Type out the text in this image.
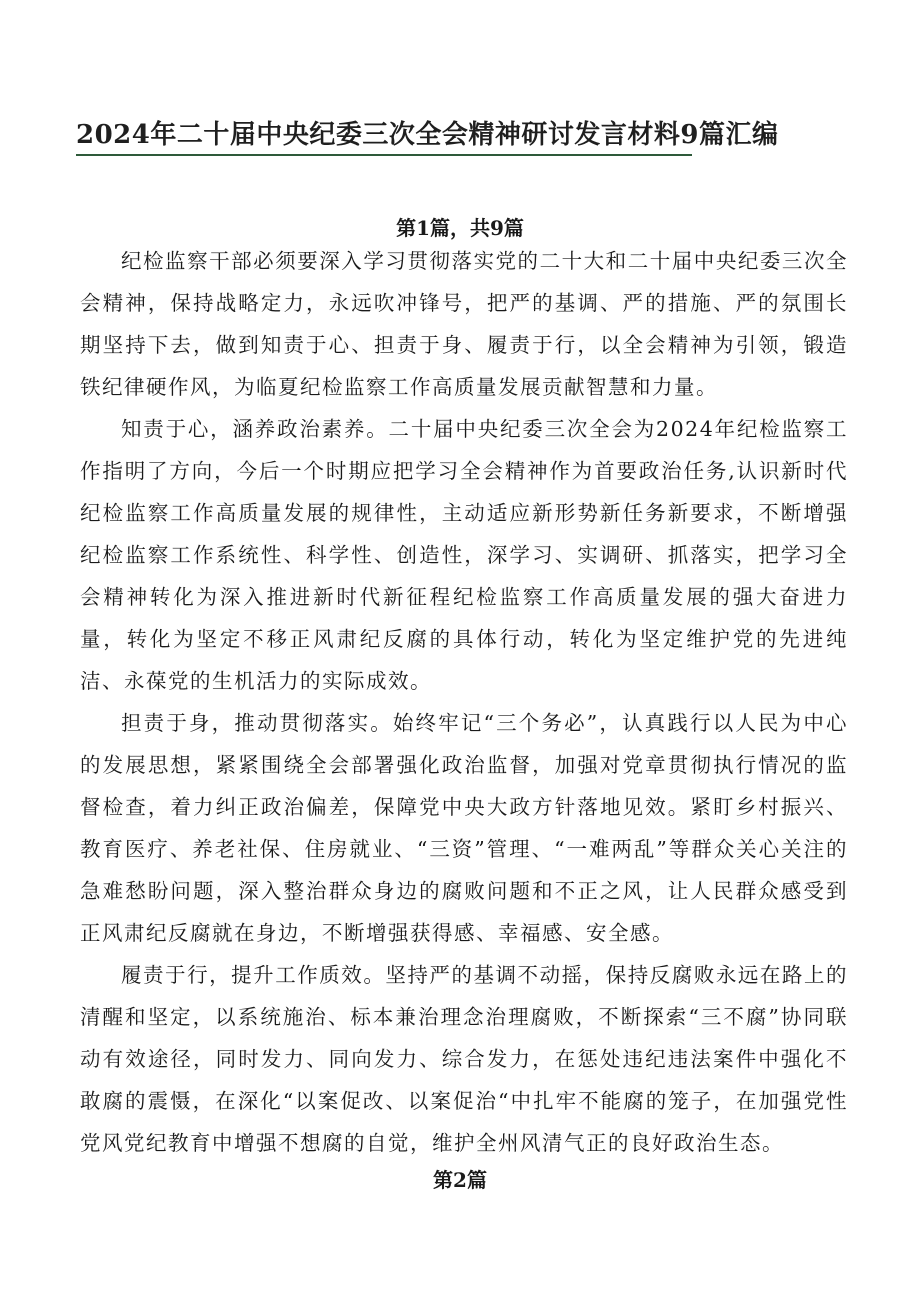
2024年二十届中央纪委三次全会精神研讨发言材料9篇汇编
第1篇，共9篇

纪检监察干部必须要深入学习贯彻落实党的二十大和二十届中央纪委三次全会精神，保持战略定力，永远吹冲锋号，把严的基调、严的措施、严的氛围长期坚持下去，做到知责于心、担责于身、履责于行，以全会精神为引领，锻造铁纪律硬作风，为临夏纪检监察工作高质量发展贡献智慧和力量。

知责于心，涵养政治素养。二十届中央纪委三次全会为2024年纪检监察工作指明了方向，今后一个时期应把学习全会精神作为首要政治任务,认识新时代纪检监察工作高质量发展的规律性，主动适应新形势新任务新要求，不断增强纪检监察工作系统性、科学性、创造性，深学习、实调研、抓落实，把学习全会精神转化为深入推进新时代新征程纪检监察工作高质量发展的强大奋进力量，转化为坚定不移正风肃纪反腐的具体行动，转化为坚定维护党的先进纯洁、永葆党的生机活力的实际成效。

担责于身，推动贯彻落实。始终牢记“三个务必”，认真践行以人民为中心的发展思想，紧紧围绕全会部署强化政治监督，加强对党章贯彻执行情况的监督检查，着力纠正政治偏差，保障党中央大政方针落地见效。紧盯乡村振兴、教育医疗、养老社保、住房就业、“三资”管理、“一难两乱”等群众关心关注的急难愁盼问题，深入整治群众身边的腐败问题和不正之风，让人民群众感受到正风肃纪反腐就在身边，不断增强获得感、幸福感、安全感。

履责于行，提升工作质效。坚持严的基调不动摇，保持反腐败永远在路上的清醒和坚定，以系统施治、标本兼治理念治理腐败，不断探索“三不腐”协同联动有效途径，同时发力、同向发力、综合发力，在惩处违纪违法案件中强化不敢腐的震慑，在深化“以案促改、以案促治“中扎牢不能腐的笼子，在加强党性党风党纪教育中增强不想腐的自觉，维护全州风清气正的良好政治生态。

第2篇
